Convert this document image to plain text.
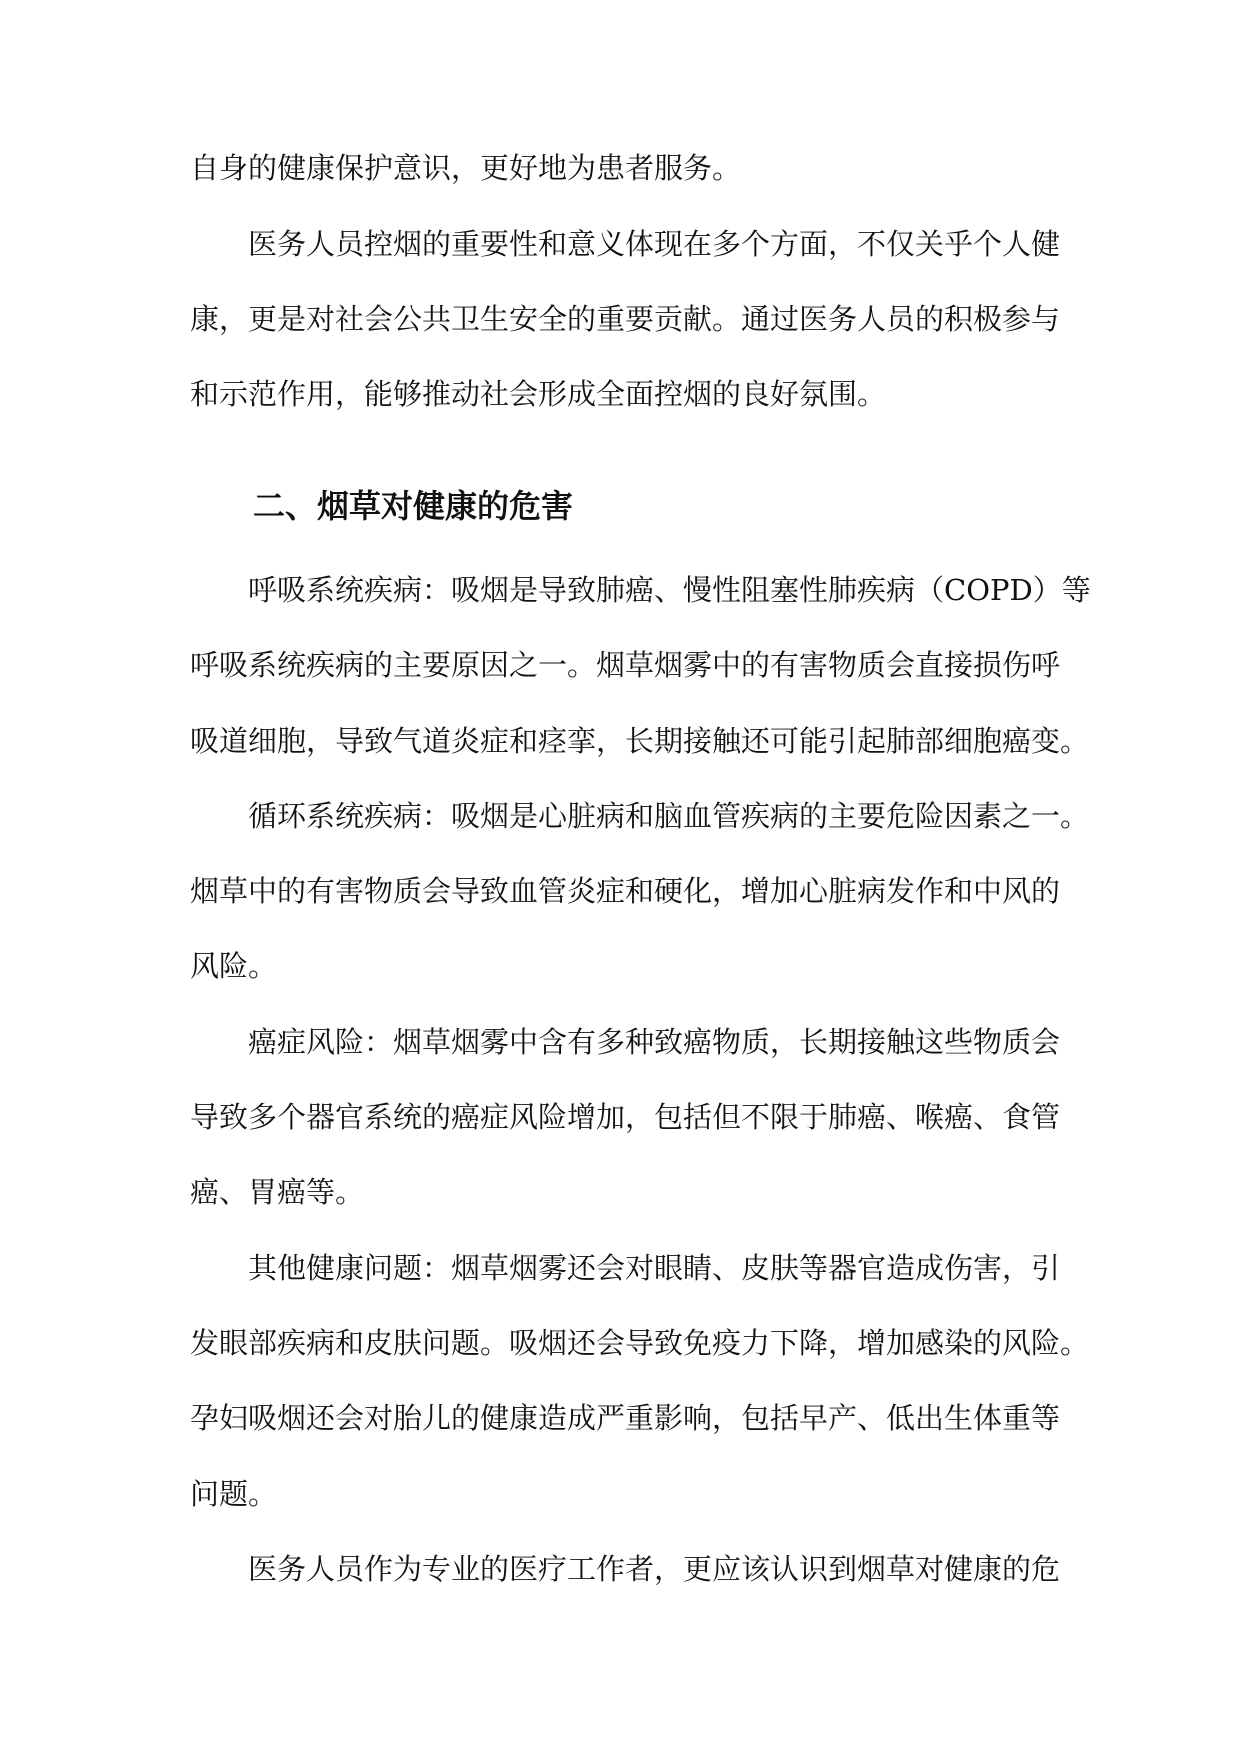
自身的健康保护意识，更好地为患者服务。
医务人员控烟的重要性和意义体现在多个方面，不仅关乎个人健
康，更是对社会公共卫生安全的重要贡献。通过医务人员的积极参与
和示范作用，能够推动社会形成全面控烟的良好氛围。
二、烟草对健康的危害
呼吸系统疾病：吸烟是导致肺癌、慢性阻塞性肺疾病（COPD）等
呼吸系统疾病的主要原因之一。烟草烟雾中的有害物质会直接损伤呼
吸道细胞，导致气道炎症和痉挛，长期接触还可能引起肺部细胞癌变。
循环系统疾病：吸烟是心脏病和脑血管疾病的主要危险因素之一。
烟草中的有害物质会导致血管炎症和硬化，增加心脏病发作和中风的
风险。
癌症风险：烟草烟雾中含有多种致癌物质，长期接触这些物质会
导致多个器官系统的癌症风险增加，包括但不限于肺癌、喉癌、食管
癌、胃癌等。
其他健康问题：烟草烟雾还会对眼睛、皮肤等器官造成伤害，引
发眼部疾病和皮肤问题。吸烟还会导致免疫力下降，增加感染的风险。
孕妇吸烟还会对胎儿的健康造成严重影响，包括早产、低出生体重等
问题。
医务人员作为专业的医疗工作者，更应该认识到烟草对健康的危
